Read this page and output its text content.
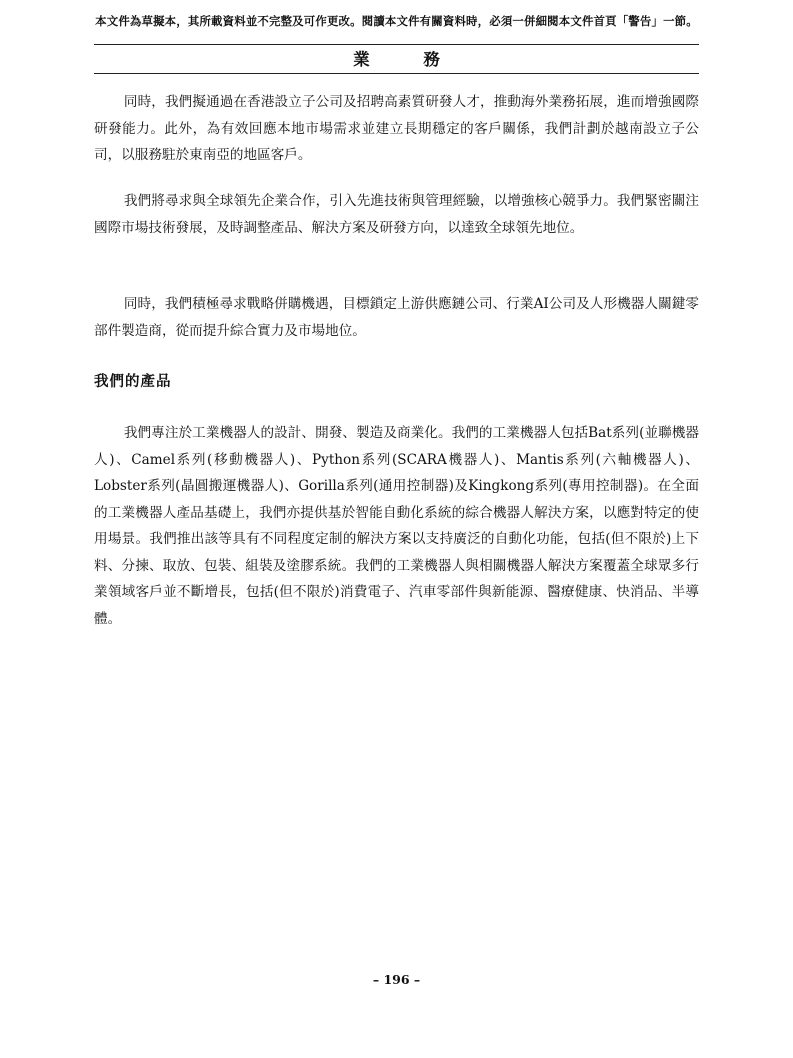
本文件為草擬本，其所載資料並不完整及可作更改。閱讀本文件有關資料時，必須一併細閱本文件首頁「警告」一節。
業 務

同時，我們擬通過在香港設立子公司及招聘高素質研發人才，推動海外業務拓展，進而增強國際研發能力。此外，為有效回應本地市場需求並建立長期穩定的客戶關係，我們計劃於越南設立子公司，以服務駐於東南亞的地區客戶。

我們將尋求與全球領先企業合作，引入先進技術與管理經驗，以增強核心競爭力。我們緊密關注國際市場技術發展，及時調整產品、解決方案及研發方向，以達致全球領先地位。

同時，我們積極尋求戰略併購機遇，目標鎖定上游供應鏈公司、行業AI公司及人形機器人關鍵零部件製造商，從而提升綜合實力及市場地位。

我們的產品

我們專注於工業機器人的設計、開發、製造及商業化。我們的工業機器人包括Bat系列(並聯機器人)、Camel系列(移動機器人)、Python系列(SCARA機器人)、Mantis系列(六軸機器人)、Lobster系列(晶圓搬運機器人)、Gorilla系列(通用控制器)及Kingkong系列(專用控制器)。在全面的工業機器人產品基礎上，我們亦提供基於智能自動化系統的綜合機器人解決方案，以應對特定的使用場景。我們推出該等具有不同程度定制的解決方案以支持廣泛的自動化功能，包括(但不限於)上下料、分揀、取放、包裝、組裝及塗膠系統。我們的工業機器人與相關機器人解決方案覆蓋全球眾多行業領域客戶並不斷增長，包括(但不限於)消費電子、汽車零部件與新能源、醫療健康、快消品、半導體。

– 196 –
